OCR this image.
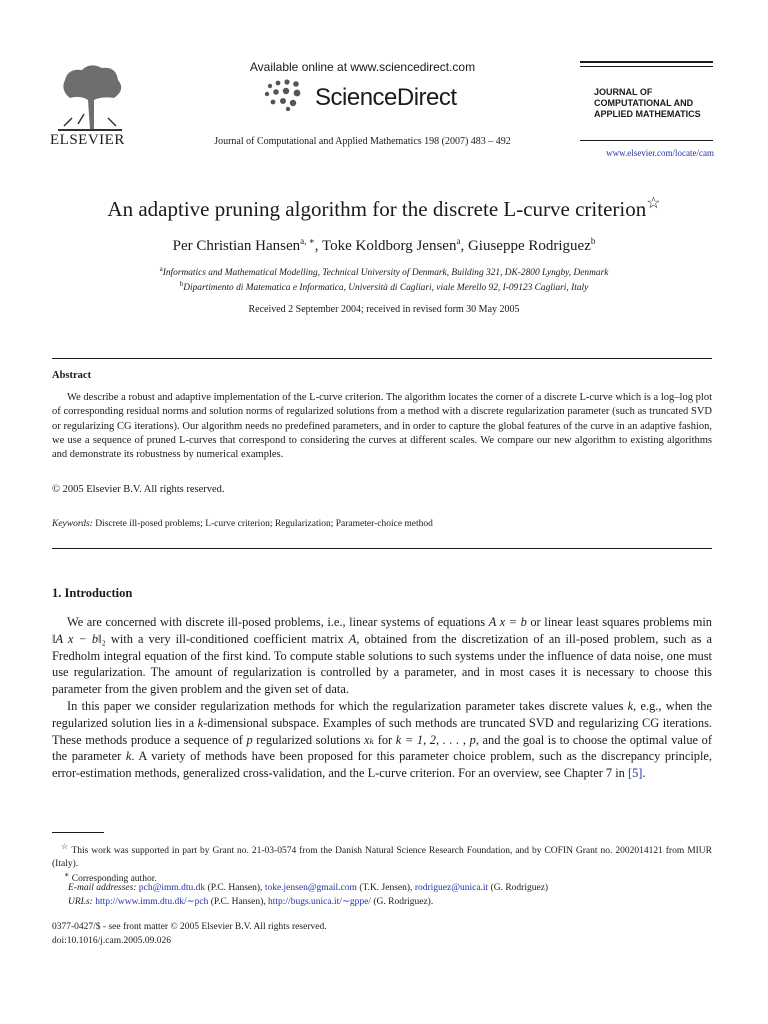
ELSEVIER
Available online at www.sciencedirect.com
ScienceDirect
Journal of Computational and Applied Mathematics 198 (2007) 483 – 492
JOURNAL OF
COMPUTATIONAL AND
APPLIED MATHEMATICS
www.elsevier.com/locate/cam
An adaptive pruning algorithm for the discrete L-curve criterion☆
Per Christian Hansen$^{a, ∗}$, Toke Koldborg Jensen$^a$, Giuseppe Rodriguez$^b$
$^a$Informatics and Mathematical Modelling, Technical University of Denmark, Building 321, DK-2800 Lyngby, Denmark
$^b$Dipartimento di Matematica e Informatica, Università di Cagliari, viale Merello 92, I-09123 Cagliari, Italy
Received 2 September 2004; received in revised form 30 May 2005
Abstract
We describe a robust and adaptive implementation of the L-curve criterion. The algorithm locates the corner of a discrete L-curve which is a log–log plot of corresponding residual norms and solution norms of regularized solutions from a method with a discrete regularization parameter (such as truncated SVD or regularizing CG iterations). Our algorithm needs no predefined parameters, and in order to capture the global features of the curve in an adaptive fashion, we use a sequence of pruned L-curves that correspond to considering the curves at different scales. We compare our new algorithm to existing algorithms and demonstrate its robustness by numerical examples.
© 2005 Elsevier B.V. All rights reserved.
Keywords: Discrete ill-posed problems; L-curve criterion; Regularization; Parameter-choice method
1. Introduction
We are concerned with discrete ill-posed problems, i.e., linear systems of equations A x = b or linear least squares problems min ‖A x − b‖₂ with a very ill-conditioned coefficient matrix A, obtained from the discretization of an ill-posed problem, such as a Fredholm integral equation of the first kind. To compute stable solutions to such systems under the influence of data noise, one must use regularization. The amount of regularization is controlled by a parameter, and in most cases it is necessary to choose this parameter from the given problem and the given set of data.
In this paper we consider regularization methods for which the regularization parameter takes discrete values k, e.g., when the regularized solution lies in a k-dimensional subspace. Examples of such methods are truncated SVD and regularizing CG iterations. These methods produce a sequence of p regularized solutions xₖ for k = 1, 2, . . . , p, and the goal is to choose the optimal value of the parameter k. A variety of methods have been proposed for this parameter choice problem, such as the discrepancy principle, error-estimation methods, generalized cross-validation, and the L-curve criterion. For an overview, see Chapter 7 in [5].
☆ This work was supported in part by Grant no. 21-03-0574 from the Danish Natural Science Research Foundation, and by COFIN Grant no. 2002014121 from MIUR (Italy).
∗ Corresponding author.
E-mail addresses: pch@imm.dtu.dk (P.C. Hansen), toke.jensen@gmail.com (T.K. Jensen), rodriguez@unica.it (G. Rodriguez)
URLs: http://www.imm.dtu.dk/∼pch (P.C. Hansen), http://bugs.unica.it/∼gppe/ (G. Rodriguez).
0377-0427/$ - see front matter © 2005 Elsevier B.V. All rights reserved.
doi:10.1016/j.cam.2005.09.026
